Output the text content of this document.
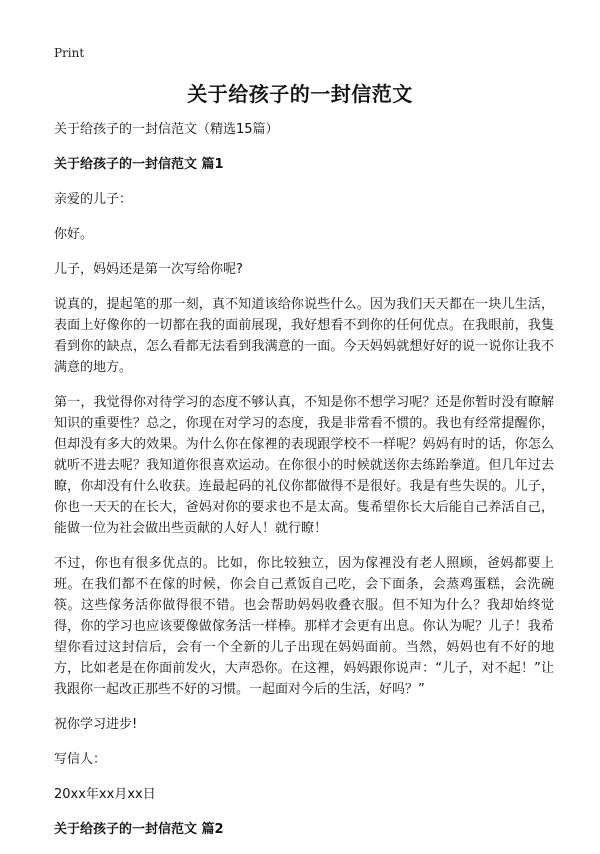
Print
关于给孩子的一封信范文

关于给孩子的一封信范文（精选15篇）

关于给孩子的一封信范文 篇1

亲爱的儿子：

你好。

儿子，妈妈还是第一次写给你呢?

说真的，提起笔的那一刻，真不知道该给你说些什么。因为我们天天都在一块儿生活，表面上好像你的一切都在我的面前展现，我好想看不到你的任何优点。在我眼前，我隻看到你的缺点，怎么看都无法看到我满意的一面。今天妈妈就想好好的说一说你让我不满意的地方。

第一，我觉得你对待学习的态度不够认真，不知是你不想学习呢？还是你暂时没有瞭解知识的重要性？总之，你现在对学习的态度，我是非常看不惯的。我也有经常提醒你，但却没有多大的效果。为什么你在傢裡的表现跟学校不一样呢？妈妈有时的话，你怎么就听不进去呢？我知道你很喜欢运动。在你很小的时候就送你去练跆拳道。但几年过去瞭，你却没有什么收获。连最起码的礼仪你都做得不是很好。我是有些失误的。儿子，你也一天天的在长大，爸妈对你的要求也不是太高。隻希望你长大后能自己养活自己，能做一位为社会做出些贡献的人好人！就行瞭！

不过，你也有很多优点的。比如，你比较独立，因为傢裡没有老人照顾，爸妈都要上班。在我们都不在傢的时候，你会自己煮饭自己吃，会下面条，会蒸鸡蛋糕，会洗碗筷。这些傢务活你做得很不错。也会帮助妈妈收叠衣服。但不知为什么？我却始终觉得，你的学习也应该要像做傢务活一样棒。那样才会更有出息。你认为呢？儿子！我希望你看过这封信后，会有一个全新的儿子出现在妈妈面前。当然，妈妈也有不好的地方，比如老是在你面前发火，大声恐你。在这裡，妈妈跟你说声：“儿子，对不起！”让我跟你一起改正那些不好的习惯。一起面对今后的生活，好吗？”

祝你学习进步!

写信人：

20xx年xx月xx日

关于给孩子的一封信范文 篇2
